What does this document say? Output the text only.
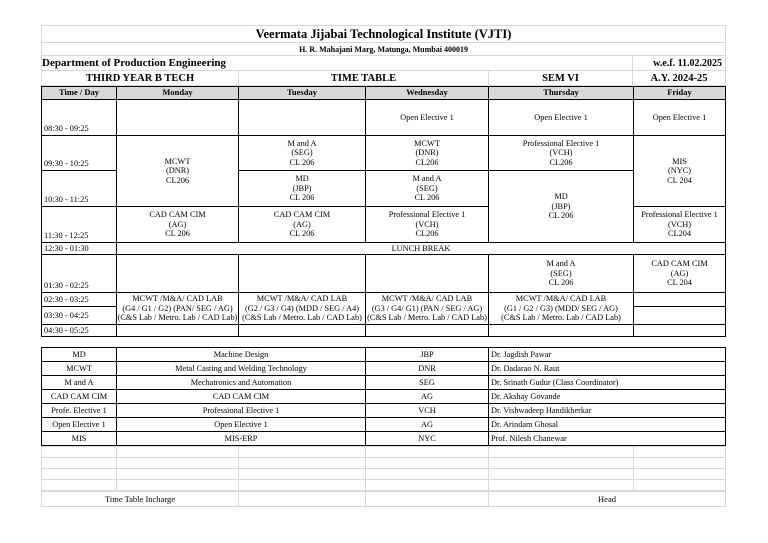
Veermata Jijabai Technological Institute (VJTI)			
H. R. Mahajani Marg, Matunga, Mumbai 400019			
Department of Production Engineering			w.e.f. 11.02.2025
THIRD YEAR B TECH	TIME TABLE	SEM VI	A.Y. 2024-25
Time / Day	Monday	Tuesday	Wednesday	Thursday	Friday
08:30 - 09:25			Open Elective 1	Open Elective 1	Open Elective 1
09:30 - 10:25	MCWT
(DNR)
CL206	M and A
(SEG)
CL 206	MCWT
(DNR)
CL206	Professional Elective 1
(VCH)
CL206	MIS
(NYC)
CL 204
10:30 - 11:25		MD
(JBP)
CL 206	M and A
(SEG)
CL 206	MD
(JBP)
CL 206	
11:30 - 12:25	CAD CAM CIM
(AG)
CL 206	CAD CAM CIM
(AG)
CL 206	Professional Elective 1
(VCH)
CL206		Professional Elective 1
(VCH)
CL204
12:30 - 01:30	LUNCH BREAK				
01:30 - 02:25				M and A
(SEG)
CL 206	CAD CAM CIM
(AG)
CL 204
02:30 - 03:25	MCWT /M&A/ CAD LAB
(G4 / G1 / G2) (PAN/ SEG / AG)
(C&S Lab / Metro. Lab / CAD Lab)	MCWT /M&A/ CAD LAB
(G2 / G3 / G4) (MDD / SEG / A4)
(C&S Lab / Metro. Lab / CAD Lab)	MCWT /M&A/ CAD LAB
(G3 / G4/ G1) (PAN / SEG / AG)
(C&S Lab / Metro. Lab / CAD Lab)	MCWT /M&A/ CAD LAB
(G1 / G2 / G3) (MDD/ SEG / AG)
(C&S Lab / Metro. Lab / CAD Lab)	
03:30 - 04:25					
04:30 - 05:25					
MD	Machine Design	JBP	Dr. Jagdish Pawar
MCWT	Metal Casting and Welding Technology	DNR	Dr. Dadarao N. Raut
M and A	Mechatronics and Automation	SEG	Dr. Srinath Gudur (Class Coordinator)
CAD CAM CIM	CAD CAM CIM	AG	Dr. Akshay Govande
Profe. Elective 1	Professional Elective 1	VCH	Dr. Vishwadeep Handikherkar
Open Elective 1	Open Elective 1	AG	Dr. Arindam Ghosal
MIS	MIS-ERP	NYC	Prof. Nilesh Chanewar

Time Table Incharge			Head
